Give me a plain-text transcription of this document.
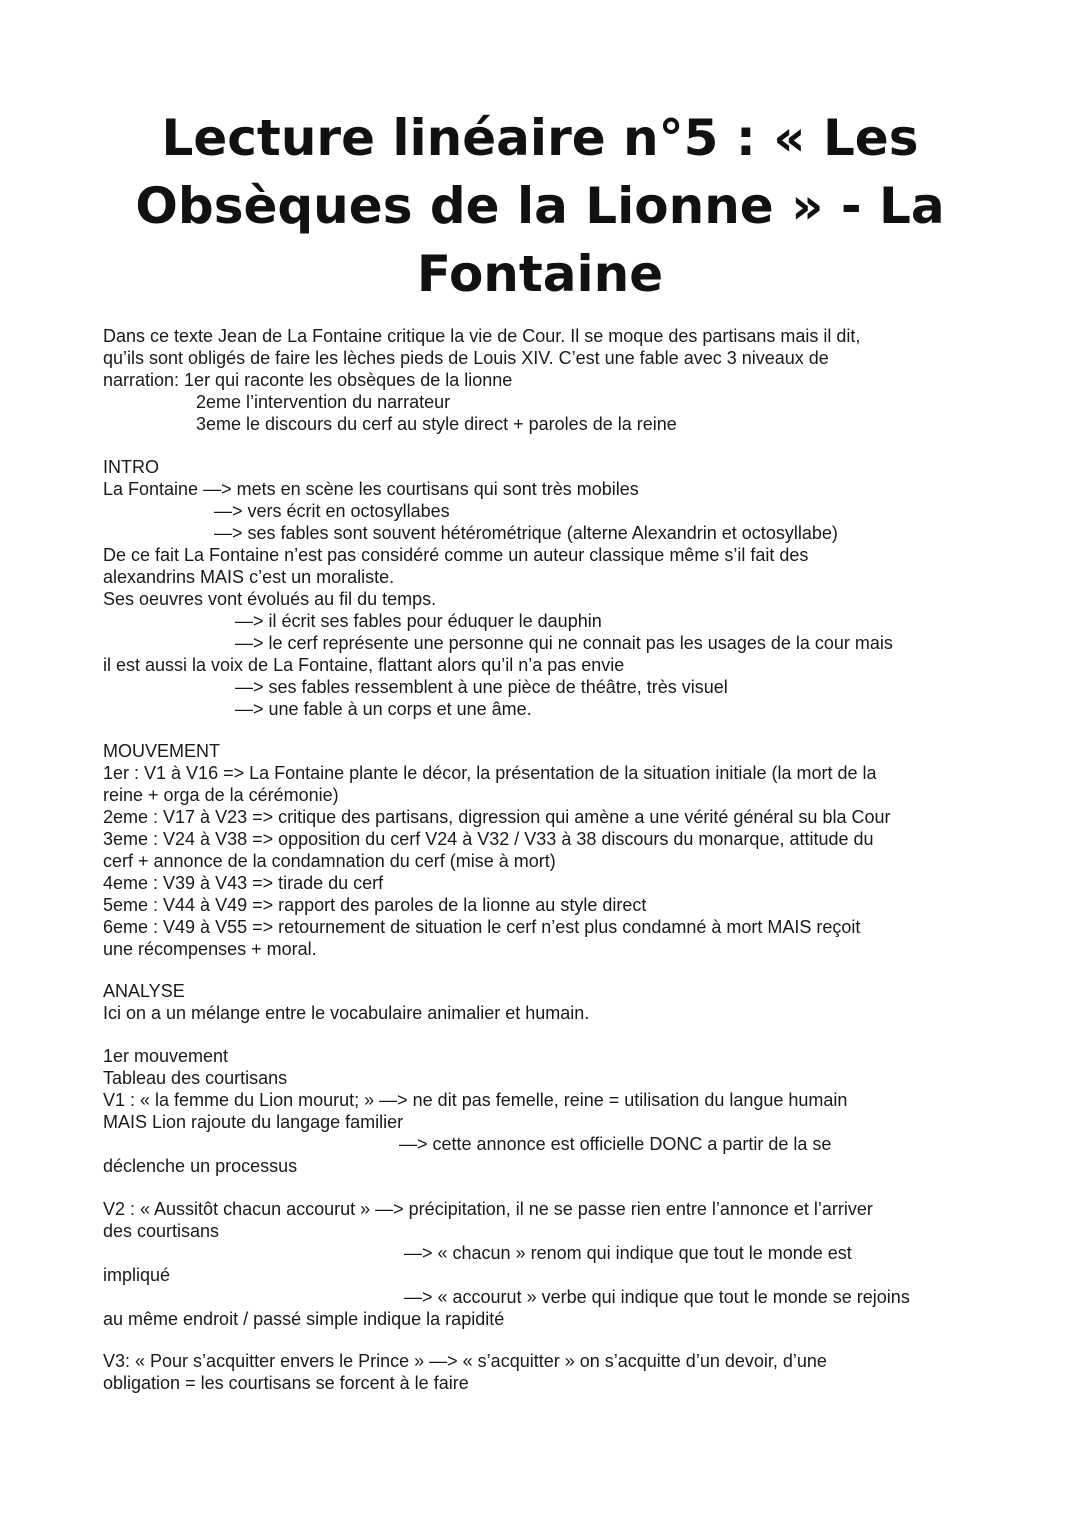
Lecture linéaire n°5 : « Les Obsèques de la Lionne » - La Fontaine

Dans ce texte Jean de La Fontaine critique la vie de Cour. Il se moque des partisans mais il dit,

qu’ils sont obligés de faire les lèches pieds de Louis XIV. C’est une fable avec 3 niveaux de

narration: 1er qui raconte les obsèques de la lionne

2eme l’intervention du narrateur

3eme le discours du cerf au style direct + paroles de la reine

INTRO

La Fontaine —> mets en scène les courtisans qui sont très mobiles

—> vers écrit en octosyllabes

—> ses fables sont souvent hétérométrique (alterne Alexandrin et octosyllabe)

De ce fait La Fontaine n’est pas considéré comme un auteur classique même s’il fait des

alexandrins MAIS c’est un moraliste.

Ses oeuvres vont évolués au fil du temps.

—> il écrit ses fables pour éduquer le dauphin

—> le cerf représente une personne qui ne connait pas les usages de la cour mais

il est aussi la voix de La Fontaine, flattant alors qu’il n’a pas envie

—> ses fables ressemblent à une pièce de théâtre, très visuel

—> une fable à un corps et une âme.

MOUVEMENT

1er : V1 à V16 => La Fontaine plante le décor, la présentation de la situation initiale (la mort de la

reine + orga de la cérémonie)

2eme : V17 à V23 => critique des partisans, digression qui amène a une vérité général su bla Cour

3eme : V24 à V38 => opposition du cerf V24 à V32 / V33 à 38 discours du monarque, attitude du

cerf + annonce de la condamnation du cerf (mise à mort)

4eme : V39 à V43 => tirade du cerf

5eme : V44 à V49 => rapport des paroles de la lionne au style direct

6eme : V49 à V55 => retournement de situation le cerf n’est plus condamné à mort MAIS reçoit

une récompenses + moral.

ANALYSE

Ici on a un mélange entre le vocabulaire animalier et humain.

1er mouvement

Tableau des courtisans

V1 : « la femme du Lion mourut; » —> ne dit pas femelle, reine = utilisation du langue humain

MAIS Lion rajoute du langage familier

—> cette annonce est officielle DONC a partir de la se

déclenche un processus

V2 : « Aussitôt chacun accourut » —> précipitation, il ne se passe rien entre l’annonce et l’arriver

des courtisans

—> « chacun » renom qui indique que tout le monde est

impliqué

—> « accourut » verbe qui indique que tout le monde se rejoins

au même endroit / passé simple indique la rapidité

V3: « Pour s’acquitter envers le Prince » —> « s’acquitter » on s’acquitte d’un devoir, d’une

obligation = les courtisans se forcent à le faire
